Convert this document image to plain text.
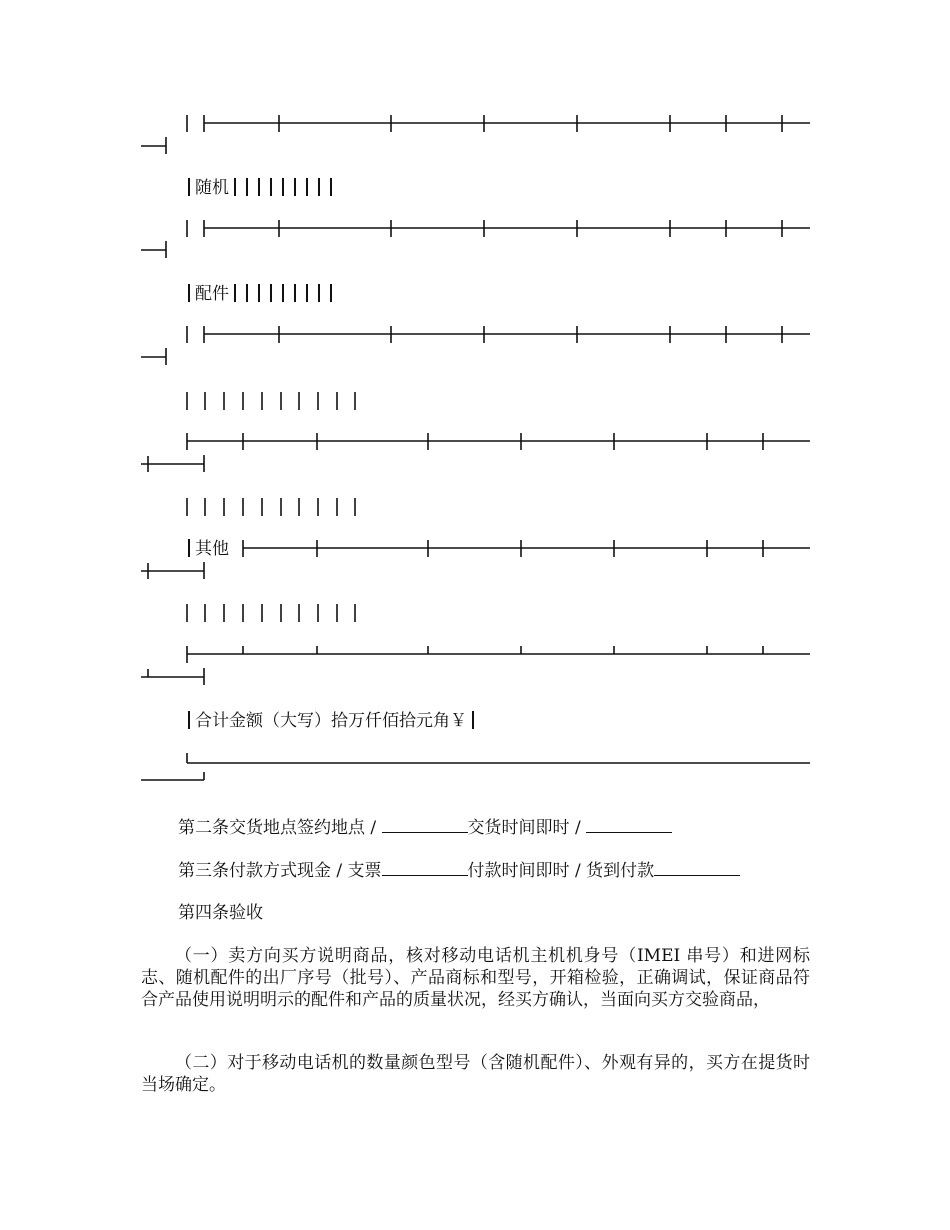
随机
配件
其他
合计金额（大写）拾万仟佰拾元角￥
第二条交货地点签约地点 /	交货时间即时 /
第三条付款方式现金 / 支票	付款时间即时 / 货到付款
第四条验收
（一）卖方向买方说明商品，核对移动电话机主机机身号（IMEI 串号）和进网标志、随机配件的出厂序号（批号）、产品商标和型号，开箱检验，正确调试，保证商品符合产品使用说明明示的配件和产品的质量状况，经买方确认，当面向买方交验商品，
（二）对于移动电话机的数量颜色型号（含随机配件）、外观有异的，买方在提货时当场确定。
